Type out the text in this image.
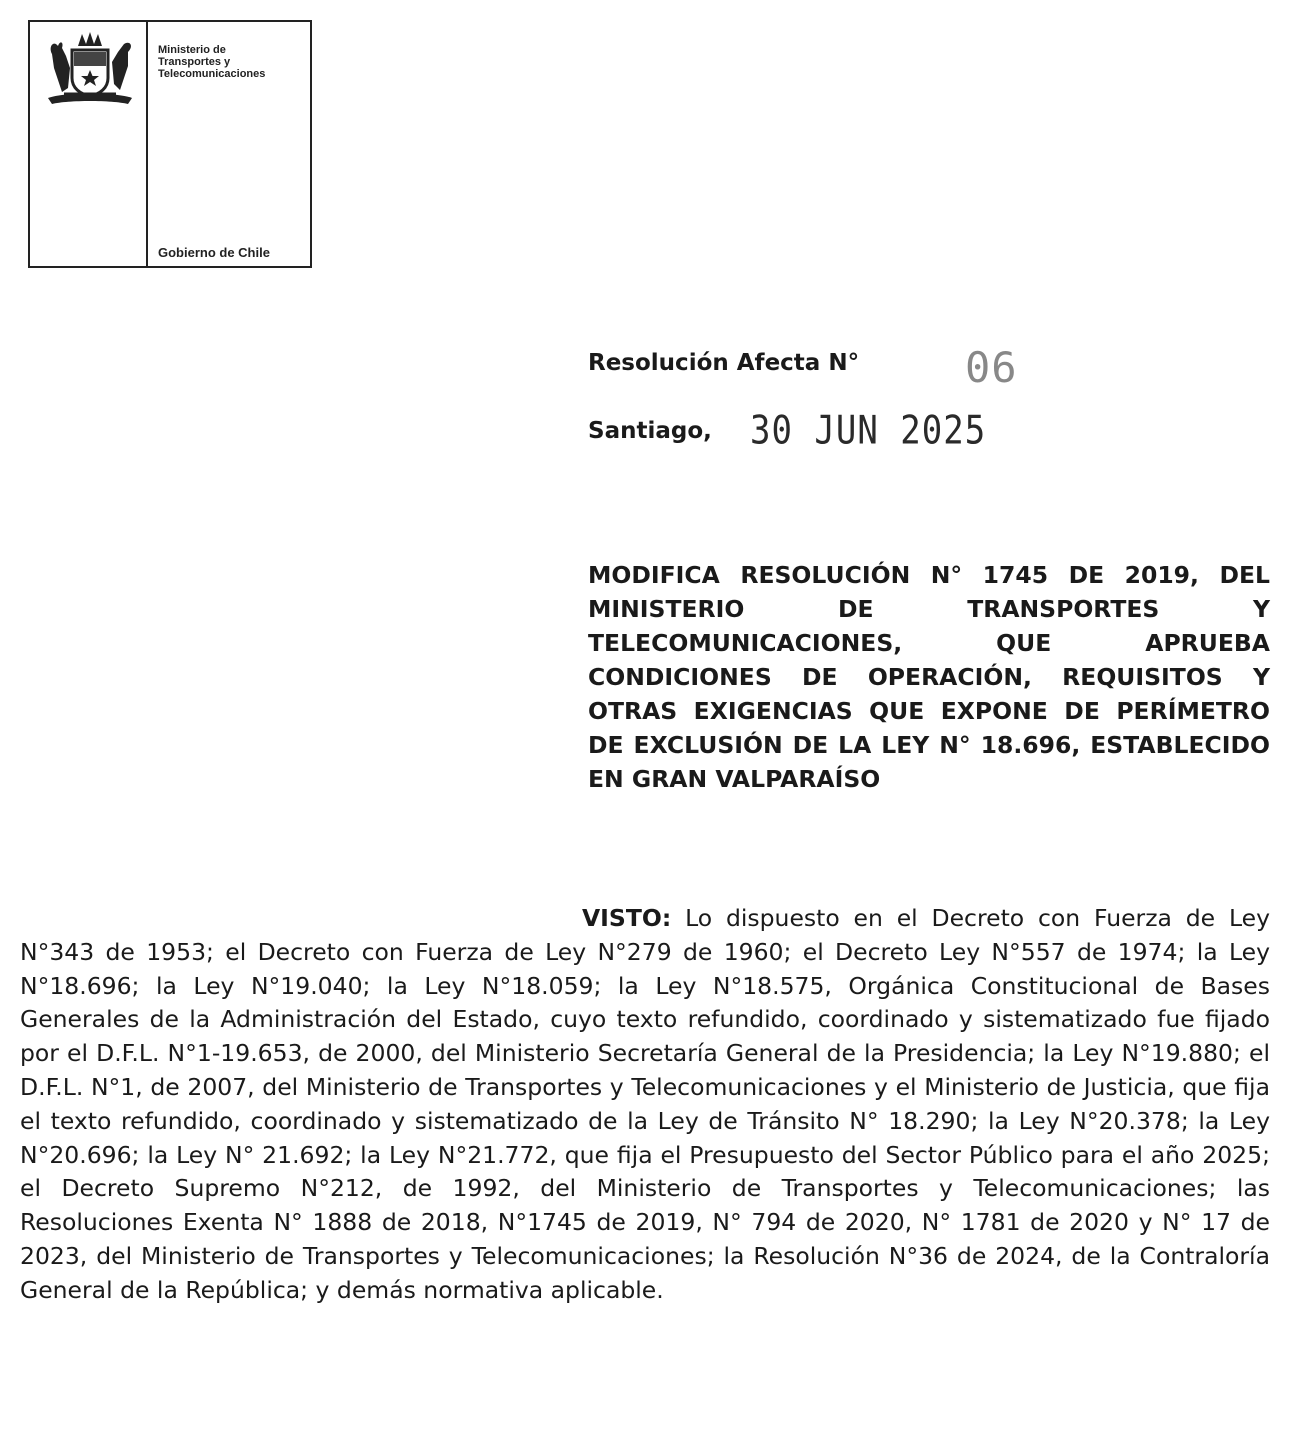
Ministerio de
Transportes y
Telecomunicaciones
Gobierno de Chile
Resolución Afecta N°	06
Santiago, 30 JUN 2025

MODIFICA RESOLUCIÓN N° 1745 DE 2019, DEL MINISTERIO DE TRANSPORTES Y TELECOMUNICACIONES, QUE APRUEBA CONDICIONES DE OPERACIÓN, REQUISITOS Y OTRAS EXIGENCIAS QUE EXPONE DE PERÍMETRO DE EXCLUSIÓN DE LA LEY N° 18.696, ESTABLECIDO EN GRAN VALPARAÍSO

VISTO: Lo dispuesto en el Decreto con Fuerza de Ley N°343 de 1953; el Decreto con Fuerza de Ley N°279 de 1960; el Decreto Ley N°557 de 1974; la Ley N°18.696; la Ley N°19.040; la Ley N°18.059; la Ley N°18.575, Orgánica Constitucional de Bases Generales de la Administración del Estado, cuyo texto refundido, coordinado y sistematizado fue fijado por el D.F.L. N°1-19.653, de 2000, del Ministerio Secretaría General de la Presidencia; la Ley N°19.880; el D.F.L. N°1, de 2007, del Ministerio de Transportes y Telecomunicaciones y el Ministerio de Justicia, que fija el texto refundido, coordinado y sistematizado de la Ley de Tránsito N° 18.290; la Ley N°20.378; la Ley N°20.696; la Ley N° 21.692; la Ley N°21.772, que fija el Presupuesto del Sector Público para el año 2025; el Decreto Supremo N°212, de 1992, del Ministerio de Transportes y Telecomunicaciones; las Resoluciones Exenta N° 1888 de 2018, N°1745 de 2019, N° 794 de 2020, N° 1781 de 2020 y N° 17 de 2023, del Ministerio de Transportes y Telecomunicaciones; la Resolución N°36 de 2024, de la Contraloría General de la República; y demás normativa aplicable.
